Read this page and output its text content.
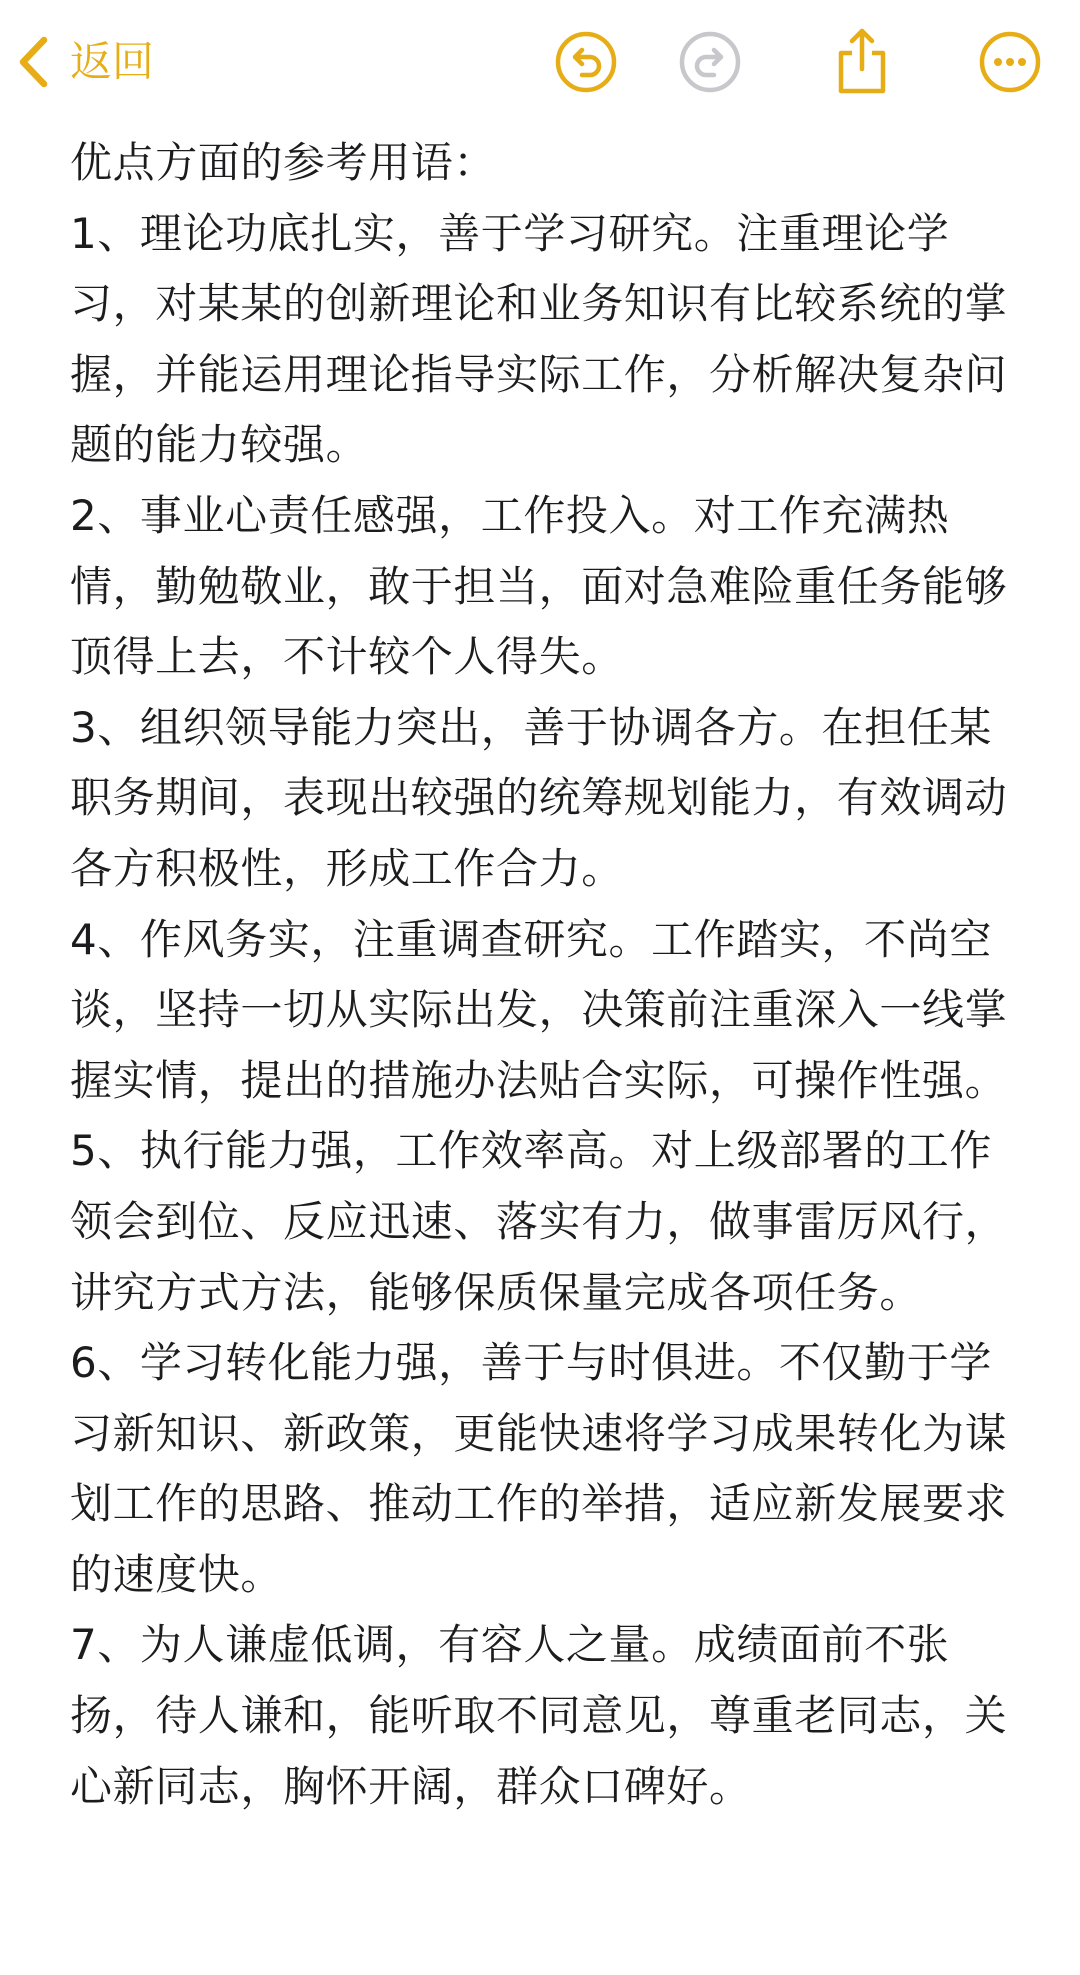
返回

优点方面的参考用语：

1、理论功底扎实，善于学习研究。注重理论学习，对某某的创新理论和业务知识有比较系统的掌握，并能运用理论指导实际工作，分析解决复杂问题的能力较强。

2、事业心责任感强，工作投入。对工作充满热情，勤勉敬业，敢于担当，面对急难险重任务能够顶得上去，不计较个人得失。

3、组织领导能力突出，善于协调各方。在担任某职务期间，表现出较强的统筹规划能力，有效调动各方积极性，形成工作合力。

4、作风务实，注重调查研究。工作踏实，不尚空谈，坚持一切从实际出发，决策前注重深入一线掌握实情，提出的措施办法贴合实际，可操作性强。

5、执行能力强，工作效率高。对上级部署的工作领会到位、反应迅速、落实有力，做事雷厉风行，讲究方式方法，能够保质保量完成各项任务。

6、学习转化能力强，善于与时俱进。不仅勤于学习新知识、新政策，更能快速将学习成果转化为谋划工作的思路、推动工作的举措，适应新发展要求的速度快。

7、为人谦虚低调，有容人之量。成绩面前不张扬，待人谦和，能听取不同意见，尊重老同志，关心新同志，胸怀开阔，群众口碑好。
